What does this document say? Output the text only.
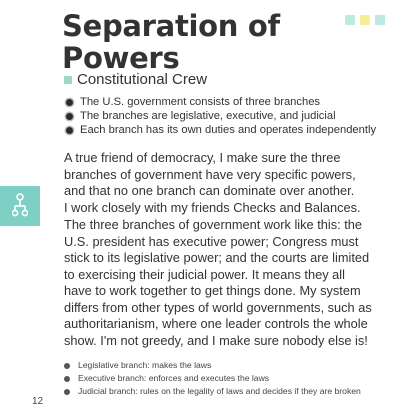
Separation of
Powers
Constitutional Crew
The U.S. government consists of three branches
The branches are legislative, executive, and judicial
Each branch has its own duties and operates independently
A true friend of democracy, I make sure the three
branches of government have very specific powers,
and that no one branch can dominate over another.
I work closely with my friends Checks and Balances.
The three branches of government work like this: the
U.S. president has executive power; Congress must
stick to its legislative power; and the courts are limited
to exercising their judicial power. It means they all
have to work together to get things done. My system
differs from other types of world governments, such as
authoritarianism, where one leader controls the whole
show. I'm not greedy, and I make sure nobody else is!
Legislative branch: makes the laws
Executive branch: enforces and executes the laws
Judicial branch: rules on the legality of laws and decides if they are broken
12
